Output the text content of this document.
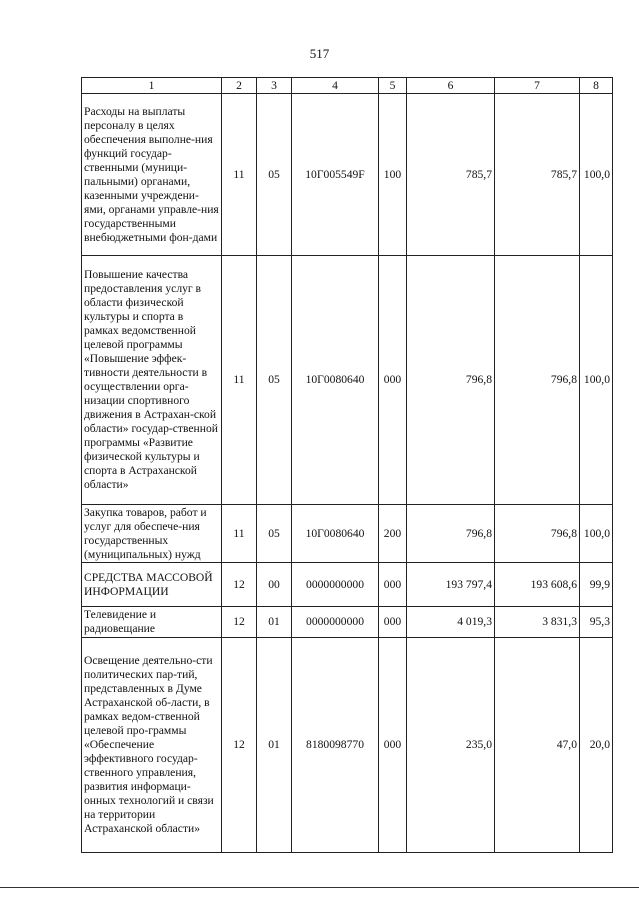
517
1	2	3	4	5	6	7	8
Расходы на выплаты персоналу в целях обеспечения выполне-ния функций государ-ственными (муници-пальными) органами, казенными учреждени-ями, органами управле-ния государственными внебюджетными фон-дами	11	05	10Г005549F	100	785,7	785,7	100,0
Повышение качества предоставления услуг в области физической культуры и спорта в рамках ведомственной целевой программы «Повышение эффек-тивности деятельности в осуществлении орга-низации спортивного движения в Астрахан-ской области» государ-ственной программы «Развитие физической культуры и спорта в Астраханской области»	11	05	10Г0080640	000	796,8	796,8	100,0
Закупка товаров, работ и услуг для обеспече-ния государственных (муниципальных) нужд	11	05	10Г0080640	200	796,8	796,8	100,0
СРЕДСТВА МАССОВОЙ ИНФОРМАЦИИ	12	00	0000000000	000	193 797,4	193 608,6	99,9
Телевидение и радиовещание	12	01	0000000000	000	4 019,3	3 831,3	95,3
Освещение деятельно-сти политических пар-тий, представленных в Думе Астраханской об-ласти, в рамках ведом-ственной целевой про-граммы «Обеспечение эффективного государ-ственного управления, развития информаци-онных технологий и связи на территории Астраханской области»	12	01	8180098770	000	235,0	47,0	20,0
